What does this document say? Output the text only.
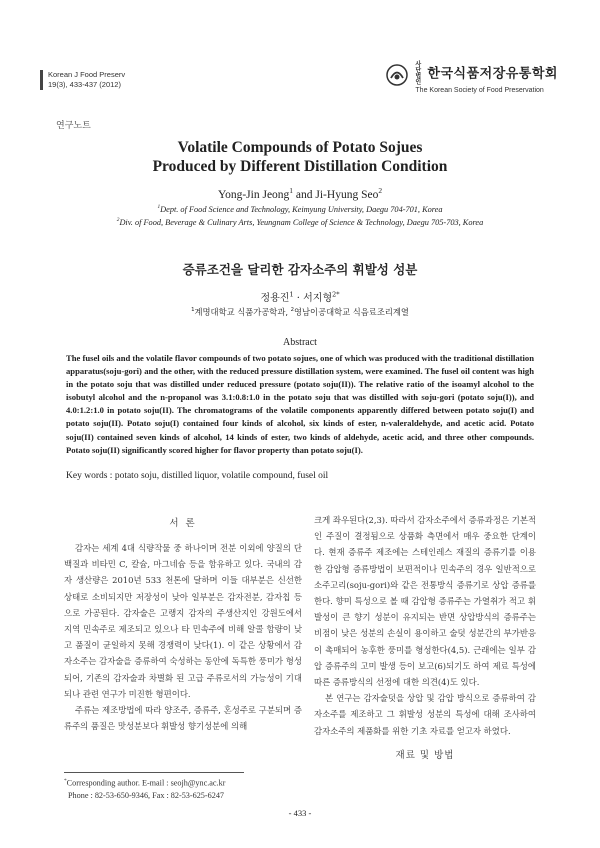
Korean J Food Preserv
19(3), 433-437 (2012)
사단법인한국식품저장유통학회
The Korean Society of Food Preservation
연구노트
Volatile Compounds of Potato Sojues
Produced by Different Distillation Condition
Yong-Jin Jeong$^1$ and Ji-Hyung Seo$^2$
$^1$Dept. of Food Science and Technology, Keimyung University, Daegu 704-701, Korea
$^2$Div. of Food, Beverage & Culinary Arts, Yeungnam College of Science & Technology, Daegu 705-703, Korea
증류조건을 달리한 감자소주의 휘발성 성분
정용진$^1$ · 서지형$^{2*}$
$^1$계명대학교 식품가공학과, $^2$영남이공대학교 식음료조리계열
Abstract
The fusel oils and the volatile flavor compounds of two potato sojues, one of which was produced with the traditional distillation apparatus(soju-gori) and the other, with the reduced pressure distillation system, were examined. The fusel oil content was high in the potato soju that was distilled under reduced pressure (potato soju(II)). The relative ratio of the isoamyl alcohol to the isobutyl alcohol and the n-propanol was 3.1:0.8:1.0 in the potato soju that was distilled with soju-gori (potato soju(I)), and 4.0:1.2:1.0 in potato soju(II). The chromatograms of the volatile components apparently differed between potato soju(I) and potato soju(II). Potato soju(I) contained four kinds of alcohol, six kinds of ester, n-valeraldehyde, and acetic acid. Potato soju(II) contained seven kinds of alcohol, 14 kinds of ester, two kinds of aldehyde, acetic acid, and three other compounds. Potato soju(II) significantly scored higher for flavor property than potato soju(I).
Key words : potato soju, distilled liquor, volatile compound, fusel oil
서 론

감자는 세계 4대 식량작물 중 하나이며 전분 이외에 양질의 단백질과 비타민 C, 칼슘, 마그네슘 등을 함유하고 있다. 국내의 감자 생산량은 2010년 533 천톤에 달하며 이들 대부분은 신선한 상태로 소비되지만 저장성이 낮아 일부분은 감자전분, 감자칩 등으로 가공된다. 감자술은 고랭지 감자의 주생산지인 강원도에서 지역 민속주로 제조되고 있으나 타 민속주에 비해 알콜 함량이 낮고 품질이 균일하지 못해 경쟁력이 낮다(1). 이 같은 상황에서 감자소주는 감자술을 증류하여 숙성하는 동안에 독특한 풍미가 형성되어, 기존의 감자술과 차별화 된 고급 주류로서의 가능성이 기대되나 관련 연구가 미진한 형편이다.

주류는 제조방법에 따라 양조주, 증류주, 혼성주로 구분되며 증류주의 품질은 맛성분보다 휘발성 향기성분에 의해

크게 좌우된다(2,3). 따라서 감자소주에서 증류과정은 기본적인 주질이 결정됨으로 상품화 측면에서 매우 중요한 단계이다. 현재 증류주 제조에는 스테인레스 재질의 증류기를 이용한 감압형 증류방법이 보편적이나 민속주의 경우 일반적으로 소주고리(soju-gori)와 같은 전통방식 증류기로 상압 증류를 한다. 향미 특성으로 볼 때 감압형 증류주는 가열취가 적고 휘발성이 큰 향기 성분이 유지되는 반면 상압방식의 증류주는 비점이 낮은 성분의 손실이 용이하고 술덧 성분간의 부가반응이 촉매되어 농후한 풍미를 형성한다(4,5). 근래에는 일부 감압 증류주의 고미 발생 등이 보고(6)되기도 하여 제료 특성에 따른 증류방식의 선정에 대한 의견(4)도 있다.

본 연구는 감자술덧을 상압 및 감압 방식으로 증류하여 감자소주를 제조하고 그 휘발성 성분의 특성에 대해 조사하여 감자소주의 제품화를 위한 기초 자료를 얻고자 하였다.

재료 및 방법
*Corresponding author. E-mail : seojh@ync.ac.kr
Phone : 82-53-650-9346, Fax : 82-53-625-6247
- 433 -
